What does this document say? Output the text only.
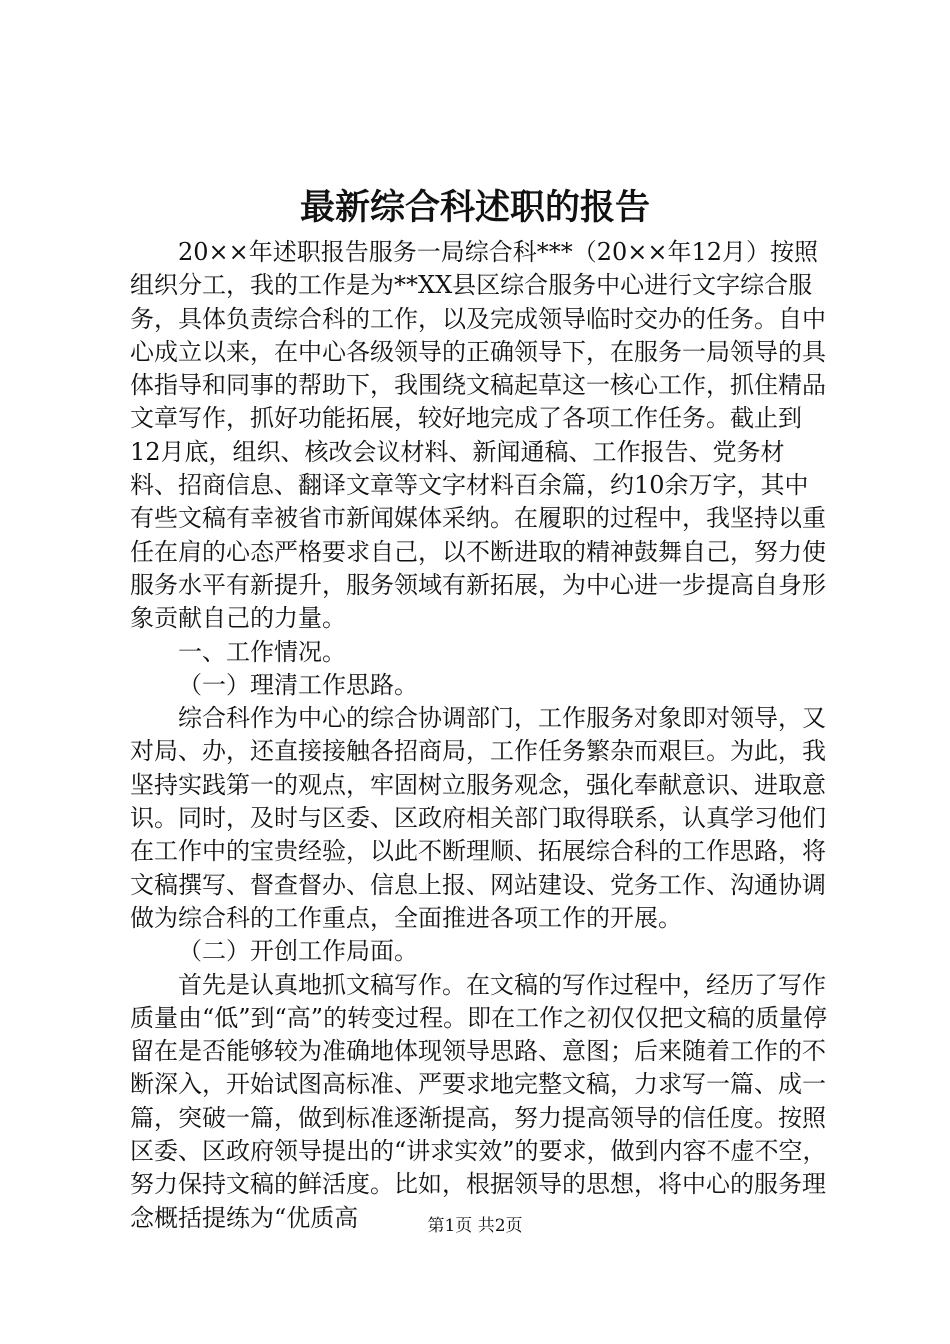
最新综合科述职的报告

20××年述职报告服务一局综合科***（20××年12月）按照组织分工，我的工作是为**XX县区综合服务中心进行文字综合服务，具体负责综合科的工作，以及完成领导临时交办的任务。自中心成立以来，在中心各级领导的正确领导下，在服务一局领导的具体指导和同事的帮助下，我围绕文稿起草这一核心工作，抓住精品文章写作，抓好功能拓展，较好地完成了各项工作任务。截止到12月底，组织、核改会议材料、新闻通稿、工作报告、党务材料、招商信息、翻译文章等文字材料百余篇，约10余万字，其中有些文稿有幸被省市新闻媒体采纳。在履职的过程中，我坚持以重任在肩的心态严格要求自己，以不断进取的精神鼓舞自己，努力使服务水平有新提升，服务领域有新拓展，为中心进一步提高自身形象贡献自己的力量。

一、工作情况。

（一）理清工作思路。

综合科作为中心的综合协调部门，工作服务对象即对领导，又对局、办，还直接接触各招商局，工作任务繁杂而艰巨。为此，我坚持实践第一的观点，牢固树立服务观念，强化奉献意识、进取意识。同时，及时与区委、区政府相关部门取得联系，认真学习他们在工作中的宝贵经验，以此不断理顺、拓展综合科的工作思路，将文稿撰写、督查督办、信息上报、网站建设、党务工作、沟通协调做为综合科的工作重点，全面推进各项工作的开展。

（二）开创工作局面。

首先是认真地抓文稿写作。在文稿的写作过程中，经历了写作质量由“低”到“高”的转变过程。即在工作之初仅仅把文稿的质量停留在是否能够较为准确地体现领导思路、意图；后来随着工作的不断深入，开始试图高标准、严要求地完整文稿，力求写一篇、成一篇，突破一篇，做到标准逐渐提高，努力提高领导的信任度。按照区委、区政府领导提出的“讲求实效”的要求，做到内容不虚不空，努力保持文稿的鲜活度。比如，根据领导的思想，将中心的服务理念概括提练为“优质高	第1页 共2页
